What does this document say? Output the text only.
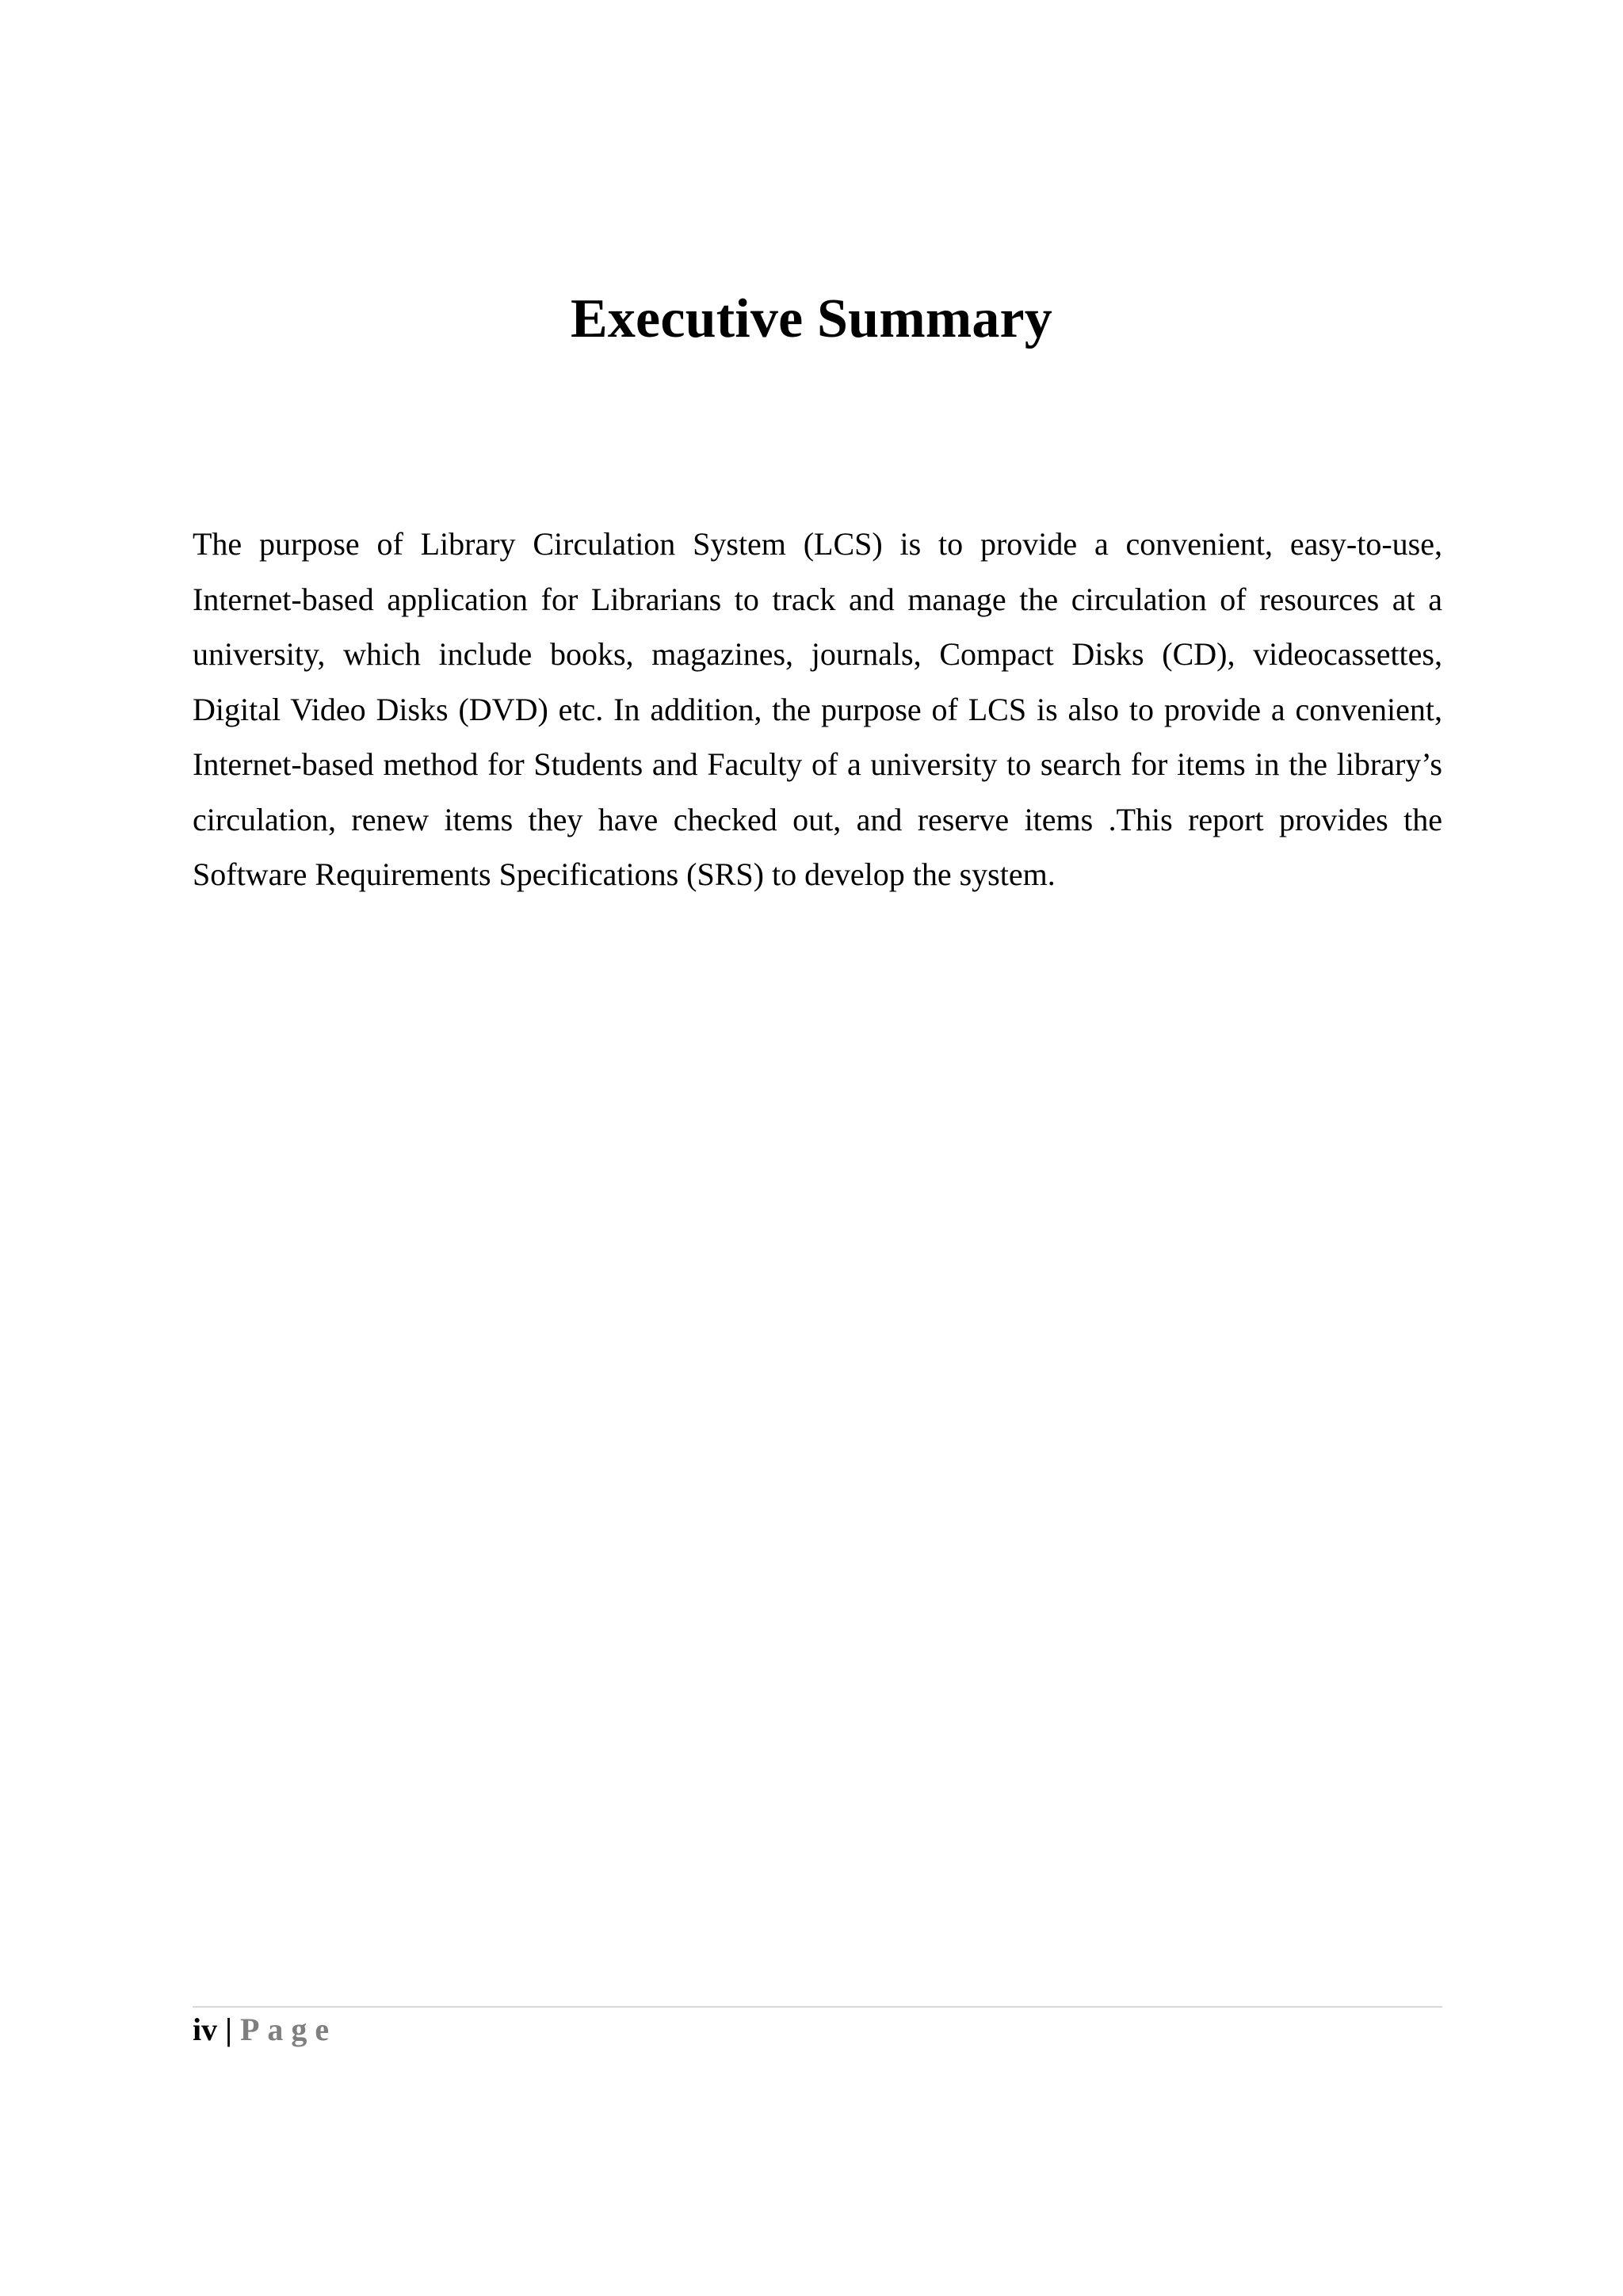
Executive Summary

The purpose of Library Circulation System (LCS) is to provide a convenient, easy-to-use, Internet-based application for Librarians to track and manage the circulation of resources at a university, which include books, magazines, journals, Compact Disks (CD), videocassettes, Digital Video Disks (DVD) etc. In addition, the purpose of LCS is also to provide a convenient, Internet-based method for Students and Faculty of a university to search for items in the library’s circulation, renew items they have checked out, and reserve items .This report provides the Software Requirements Specifications (SRS) to develop the system.

iv | Page
